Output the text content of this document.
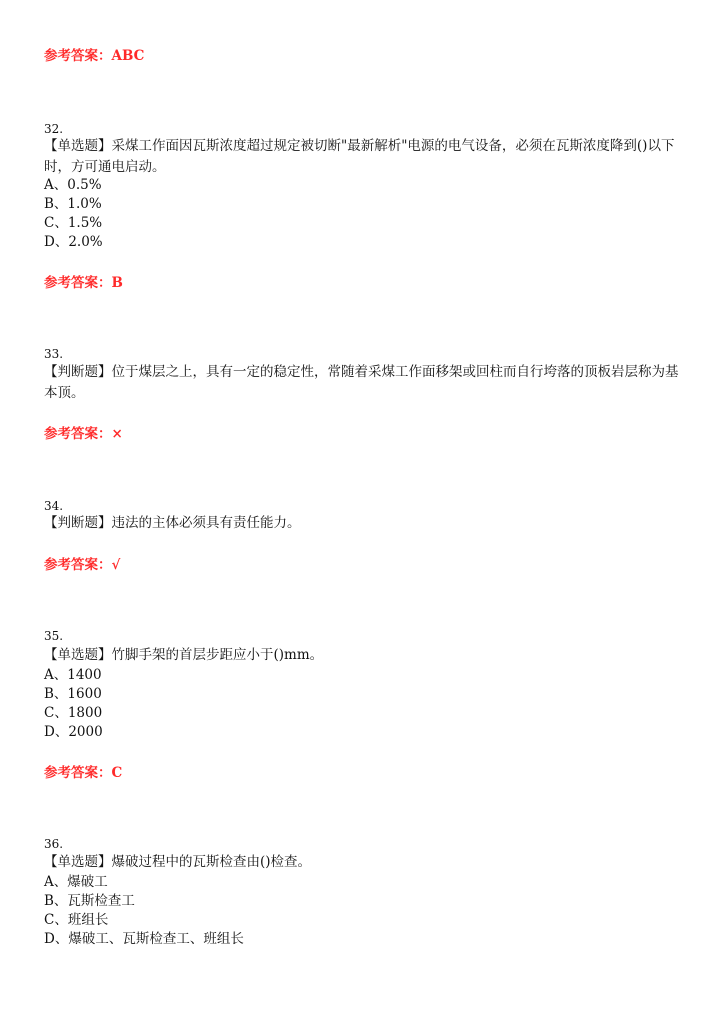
参考答案：ABC
32.
【单选题】采煤工作面因瓦斯浓度超过规定被切断"最新解析"电源的电气设备，必须在瓦斯浓度降到()以下时，方可通电启动。
A、0.5%
B、1.0%
C、1.5%
D、2.0%
参考答案：B
33.
【判断题】位于煤层之上，具有一定的稳定性，常随着采煤工作面移架或回柱而自行垮落的顶板岩层称为基本顶。
参考答案：×
34.
【判断题】违法的主体必须具有责任能力。
参考答案：√
35.
【单选题】竹脚手架的首层步距应小于()mm。
A、1400
B、1600
C、1800
D、2000
参考答案：C
36.
【单选题】爆破过程中的瓦斯检查由()检查。
A、爆破工
B、瓦斯检查工
C、班组长
D、爆破工、瓦斯检查工、班组长
